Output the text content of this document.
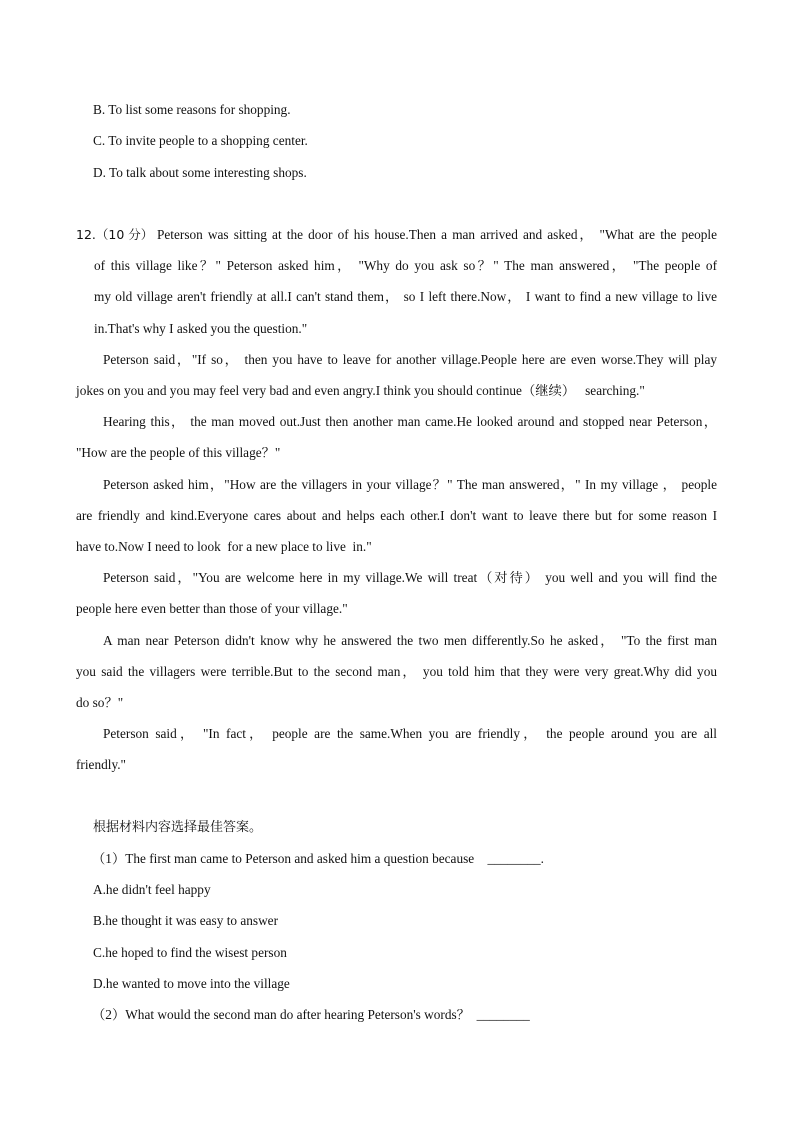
B. To list some reasons for shopping.
C. To invite people to a shopping center.
D. To talk about some interesting shops.
12.（10 分） Peterson was sitting at the door of his house.Then a man arrived and asked， "What are the people
of this village like？" Peterson asked him， "Why do you ask so？" The man answered， "The people of
my old village aren't friendly at all.I can't stand them， so I left there.Now， I want to find a new village to live
in.That's why I asked you the question."
Peterson said，"If so， then you have to leave for another village.People here are even worse.They will play
jokes on you and you may feel very bad and even angry.I think you should continue（继续）   searching."
Hearing this， the man moved out.Just then another man came.He looked around and stopped near Peterson，
"How are the people of this village？"
Peterson asked him，"How are the villagers in your village？" The man answered，" In my village ， people
are friendly and kind.Everyone cares about and helps each other.I don't want to leave there but for some reason I
have to.Now I need to look  for a new place to live  in."
Peterson said，"You are welcome here in my village.We will treat（对待） you well and you will find the
people here even better than those of your village."
A man near Peterson didn't know why he answered the two men differently.So he asked， "To the first man
you said the villagers were terrible.But to the second man， you told him that they were very great.Why did you
do so？"
Peterson said， "In fact， people are the same.When you are friendly， the people around you are all
friendly."
根据材料内容选择最佳答案。
（1）The first man came to Peterson and asked him a question because    ________.
A.he didn't feel happy
B.he thought it was easy to answer
C.he hoped to find the wisest person
D.he wanted to move into the village
（2）What would the second man do after hearing Peterson's words？  ________
